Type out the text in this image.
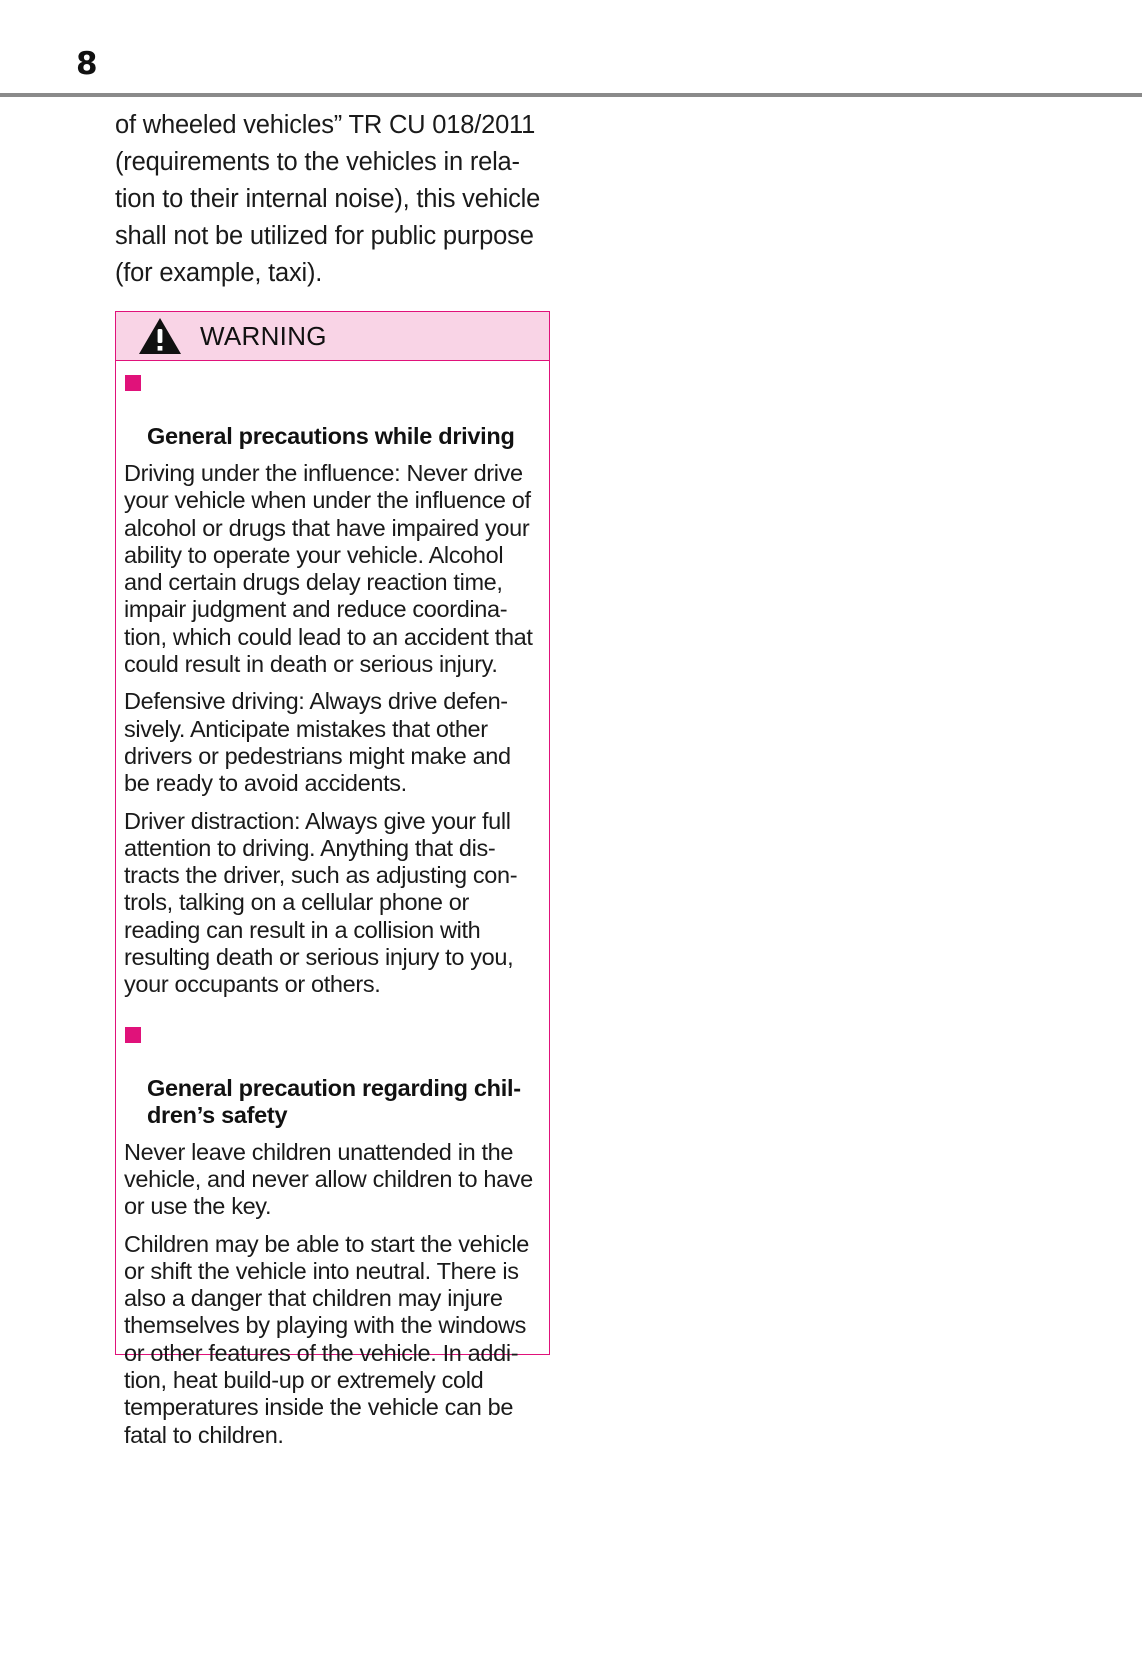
8

of wheeled vehicles” TR CU 018/2011
(requirements to the vehicles in rela-
tion to their internal noise), this vehicle
shall not be utilized for public purpose
(for example, taxi).

WARNING

General precautions while driving

Driving under the influence: Never drive
your vehicle when under the influence of
alcohol or drugs that have impaired your
ability to operate your vehicle. Alcohol
and certain drugs delay reaction time,
impair judgment and reduce coordina-
tion, which could lead to an accident that
could result in death or serious injury.

Defensive driving: Always drive defen-
sively. Anticipate mistakes that other
drivers or pedestrians might make and
be ready to avoid accidents.

Driver distraction: Always give your full
attention to driving. Anything that dis-
tracts the driver, such as adjusting con-
trols, talking on a cellular phone or
reading can result in a collision with
resulting death or serious injury to you,
your occupants or others.

General precaution regarding chil-
dren’s safety

Never leave children unattended in the
vehicle, and never allow children to have
or use the key.

Children may be able to start the vehicle
or shift the vehicle into neutral. There is
also a danger that children may injure
themselves by playing with the windows
or other features of the vehicle. In addi-
tion, heat build-up or extremely cold
temperatures inside the vehicle can be
fatal to children.
